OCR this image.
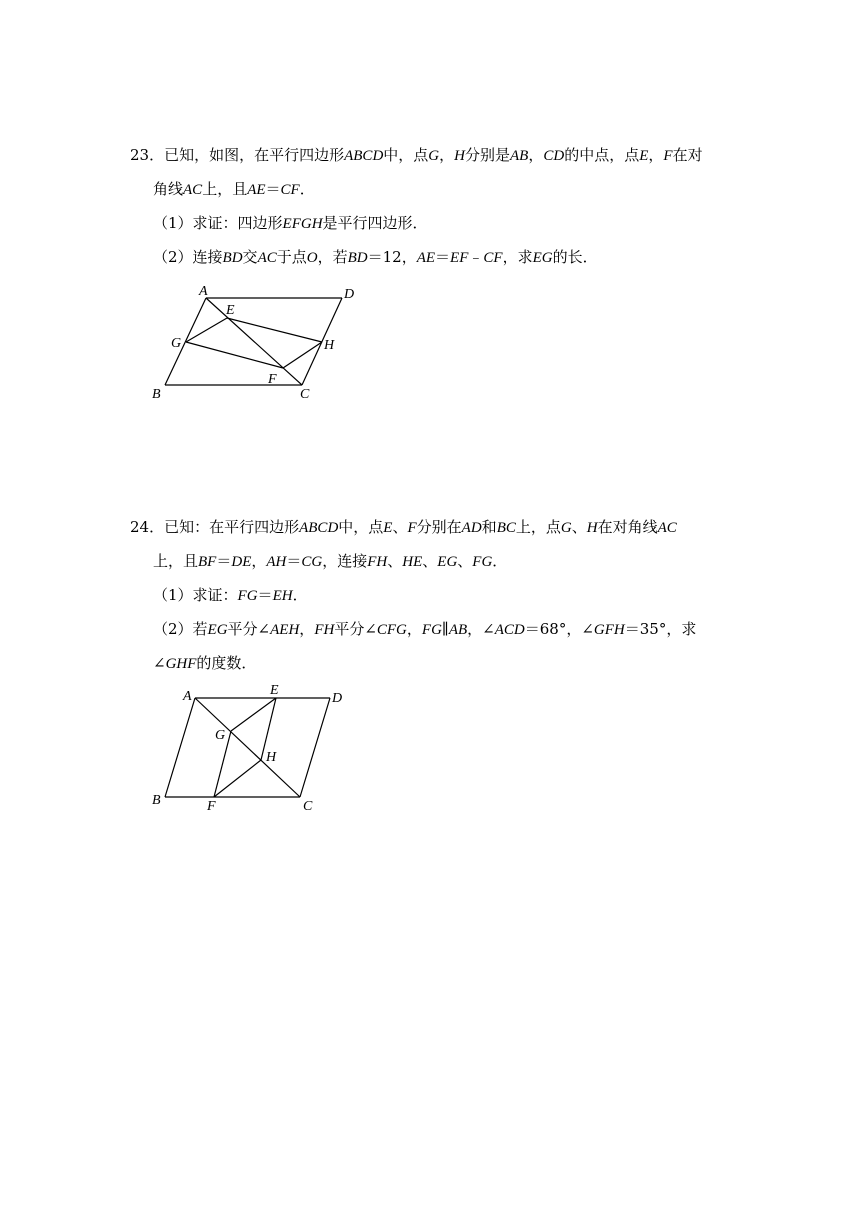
23．已知，如图，在平行四边形ABCD中，点G，H分别是AB，CD的中点，点E，F在对
角线AC上，且AE＝CF．
（1）求证：四边形EFGH是平行四边形．
（2）连接BD交AC于点O，若BD＝12，AE＝EF﹣CF，求EG的长．
A	D
E
G	H
F
B	C
24．已知：在平行四边形ABCD中，点E、F分别在AD和BC上，点G、H在对角线AC
上，且BF＝DE，AH＝CG，连接FH、HE、EG、FG．
（1）求证：FG＝EH．
（2）若EG平分∠AEH，FH平分∠CFG，FG∥AB，∠ACD＝68°，∠GFH＝35°，求
∠GHF的度数．
A	E
D
G
H
B	F	C
